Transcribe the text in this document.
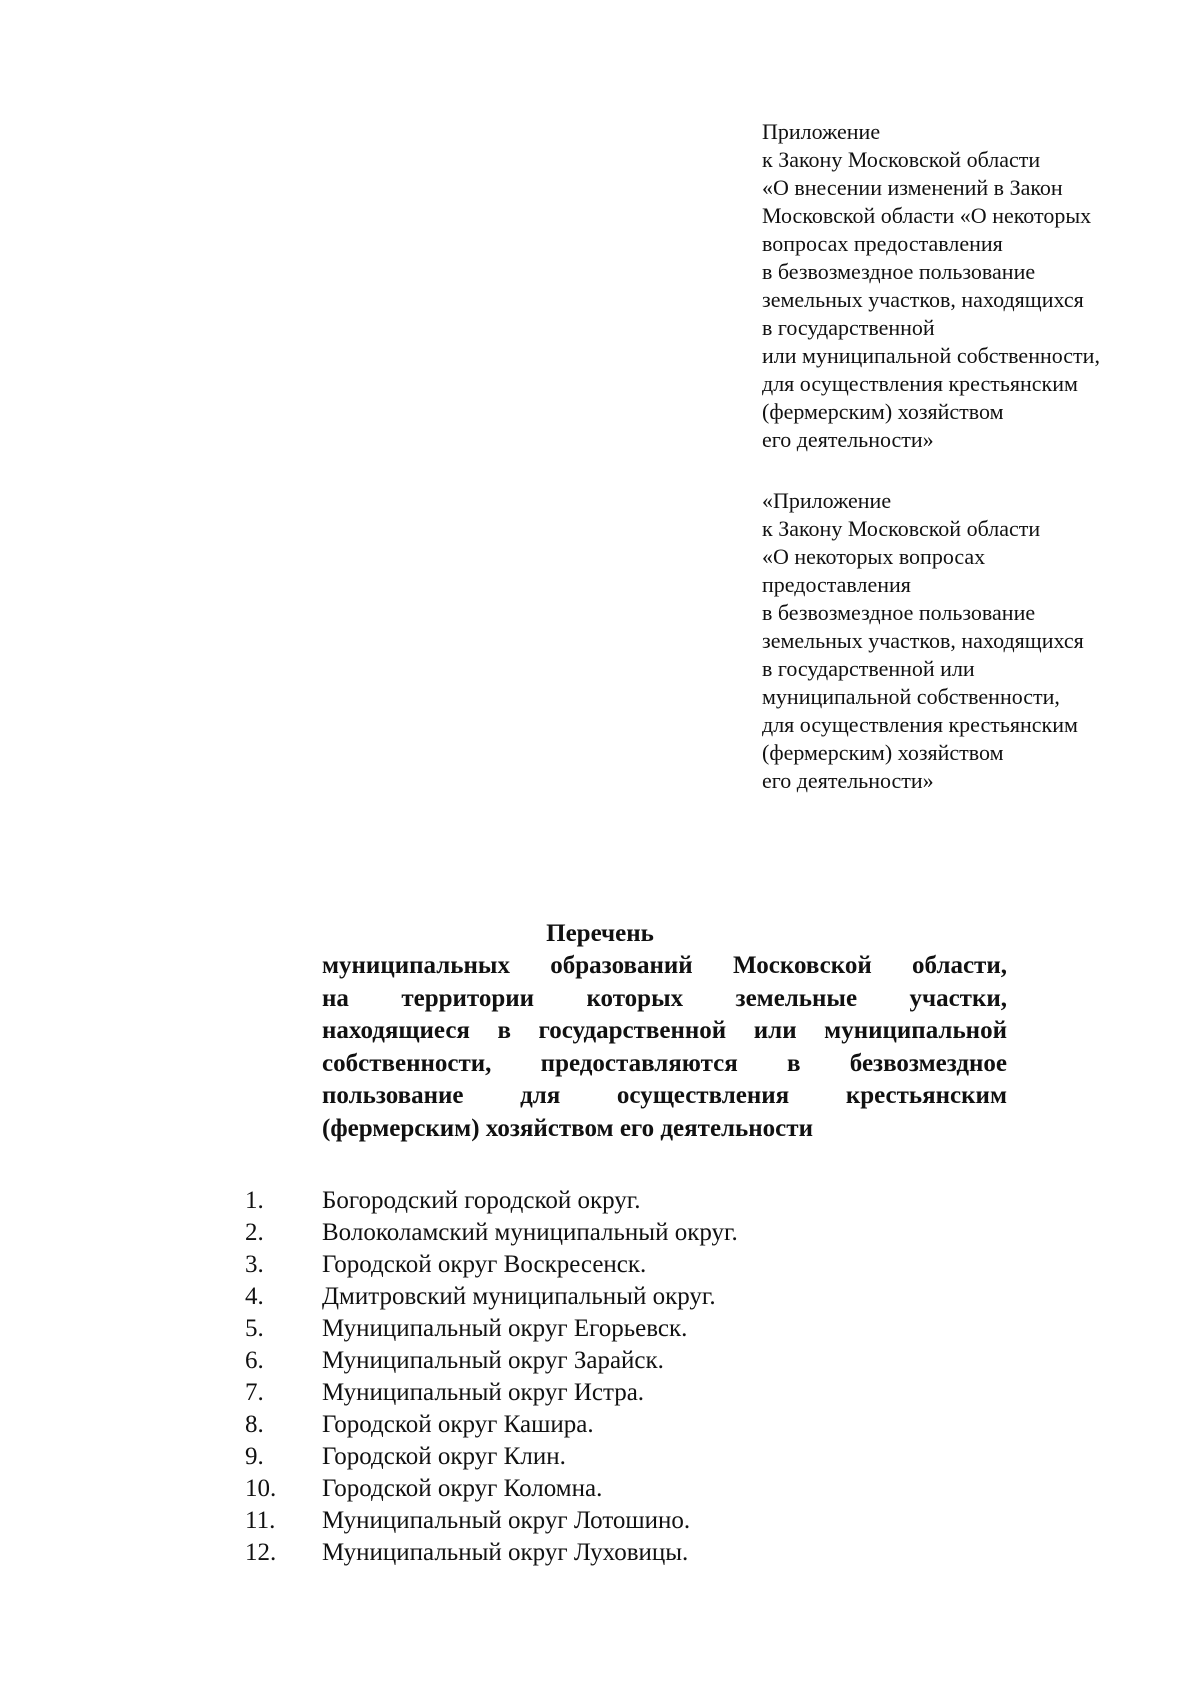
Приложение
к Закону Московской области
«О внесении изменений в Закон
Московской области «О некоторых
вопросах предоставления
в безвозмездное пользование
земельных участков, находящихся
в государственной
или муниципальной собственности,
для осуществления крестьянским
(фермерским) хозяйством
его деятельности»
«Приложение
к Закону Московской области
«О некоторых вопросах
предоставления
в безвозмездное пользование
земельных участков, находящихся
в государственной или
муниципальной собственности,
для осуществления крестьянским
(фермерским) хозяйством
его деятельности»
Перечень
муниципальных образований Московской области,
на территории которых земельные участки,
находящиеся в государственной или муниципальной
собственности, предоставляются в безвозмездное
пользование для осуществления крестьянским
(фермерским) хозяйством его деятельности
1.	Богородский городской округ.
2.	Волоколамский муниципальный округ.
3.	Городской округ Воскресенск.
4.	Дмитровский муниципальный округ.
5.	Муниципальный округ Егорьевск.
6.	Муниципальный округ Зарайск.
7.	Муниципальный округ Истра.
8.	Городской округ Кашира.
9.	Городской округ Клин.
10.	Городской округ Коломна.
11.	Муниципальный округ Лотошино.
12.	Муниципальный округ Луховицы.
